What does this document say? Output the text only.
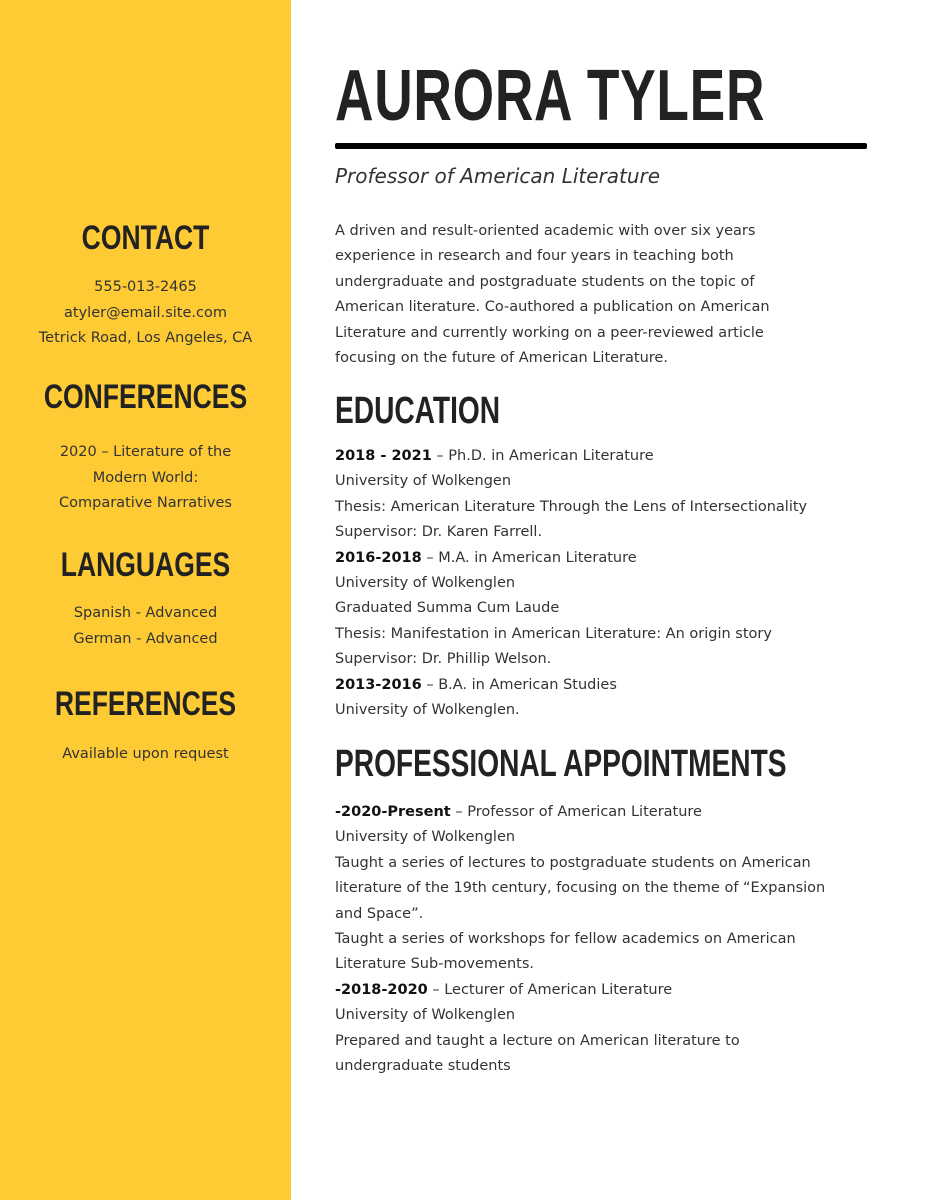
CONTACT
555-013-2465
atyler@email.site.com
Tetrick Road, Los Angeles, CA
CONFERENCES
2020 – Literature of the
Modern World:
Comparative Narratives
LANGUAGES
Spanish - Advanced
German - Advanced
REFERENCES
Available upon request
AURORA TYLER
Professor of American Literature
A driven and result-oriented academic with over six years
experience in research and four years in teaching both
undergraduate and postgraduate students on the topic of
American literature. Co-authored a publication on American
Literature and currently working on a peer-reviewed article
focusing on the future of American Literature.
EDUCATION
2018 - 2021 – Ph.D. in American Literature
University of Wolkengen
Thesis: American Literature Through the Lens of Intersectionality
Supervisor: Dr. Karen Farrell.
2016-2018 – M.A. in American Literature
University of Wolkenglen
Graduated Summa Cum Laude
Thesis: Manifestation in American Literature: An origin story
Supervisor: Dr. Phillip Welson.
2013-2016 – B.A. in American Studies
University of Wolkenglen.
PROFESSIONAL APPOINTMENTS
-2020-Present – Professor of American Literature
University of Wolkenglen
Taught a series of lectures to postgraduate students on American
literature of the 19th century, focusing on the theme of “Expansion
and Space”.
Taught a series of workshops for fellow academics on American
Literature Sub-movements.
-2018-2020 – Lecturer of American Literature
University of Wolkenglen
Prepared and taught a lecture on American literature to
undergraduate students
